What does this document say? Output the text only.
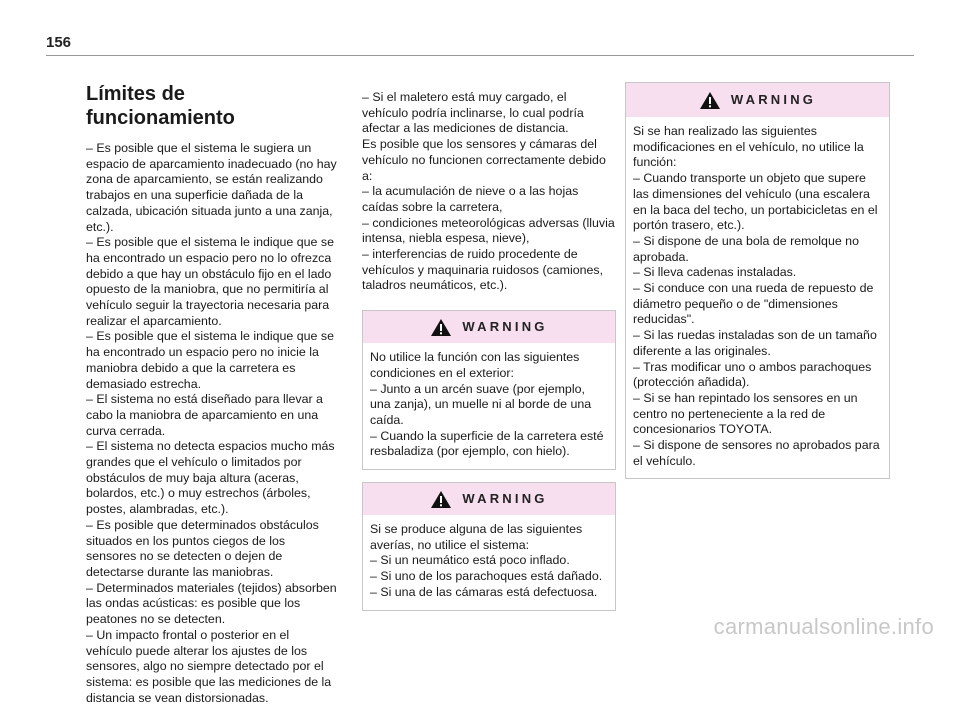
156
Límites de funcionamiento

– Es posible que el sistema le sugiera un espacio de aparcamiento inadecuado (no hay zona de aparcamiento, se están realizando trabajos en una superficie dañada de la calzada, ubicación situada junto a una zanja, etc.).

– Es posible que el sistema le indique que se ha encontrado un espacio pero no lo ofrezca debido a que hay un obstáculo fijo en el lado opuesto de la maniobra, que no permitiría al vehículo seguir la trayectoria necesaria para realizar el aparcamiento.

– Es posible que el sistema le indique que se ha encontrado un espacio pero no inicie la maniobra debido a que la carretera es demasiado estrecha.

– El sistema no está diseñado para llevar a cabo la maniobra de aparcamiento en una curva cerrada.

– El sistema no detecta espacios mucho más grandes que el vehículo o limitados por obstáculos de muy baja altura (aceras, bolardos, etc.) o muy estrechos (árboles, postes, alambradas, etc.).

– Es posible que determinados obstáculos situados en los puntos ciegos de los sensores no se detecten o dejen de detectarse durante las maniobras.

– Determinados materiales (tejidos) absorben las ondas acústicas: es posible que los peatones no se detecten.

– Un impacto frontal o posterior en el vehículo puede alterar los ajustes de los sensores, algo no siempre detectado por el sistema: es posible que las mediciones de la distancia se vean distorsionadas.

– Si el maletero está muy cargado, el vehículo podría inclinarse, lo cual podría afectar a las mediciones de distancia.

Es posible que los sensores y cámaras del vehículo no funcionen correctamente debido a:

– la acumulación de nieve o a las hojas caídas sobre la carretera,

– condiciones meteorológicas adversas (lluvia intensa, niebla espesa, nieve),

– interferencias de ruido procedente de vehículos y maquinaria ruidosos (camiones, taladros neumáticos, etc.).

WARNING

No utilice la función con las siguientes condiciones en el exterior:

– Junto a un arcén suave (por ejemplo, una zanja), un muelle ni al borde de una caída.

– Cuando la superficie de la carretera esté resbaladiza (por ejemplo, con hielo).

WARNING

Si se produce alguna de las siguientes averías, no utilice el sistema:

– Si un neumático está poco inflado.

– Si uno de los parachoques está dañado.

– Si una de las cámaras está defectuosa.

WARNING

Si se han realizado las siguientes modificaciones en el vehículo, no utilice la función:

– Cuando transporte un objeto que supere las dimensiones del vehículo (una escalera en la baca del techo, un portabicicletas en el portón trasero, etc.).

– Si dispone de una bola de remolque no aprobada.

– Si lleva cadenas instaladas.

– Si conduce con una rueda de repuesto de diámetro pequeño o de "dimensiones reducidas".

– Si las ruedas instaladas son de un tamaño diferente a las originales.

– Tras modificar uno o ambos parachoques (protección añadida).

– Si se han repintado los sensores en un centro no perteneciente a la red de concesionarios TOYOTA.

– Si dispone de sensores no aprobados para el vehículo.

carmanualsonline.info
